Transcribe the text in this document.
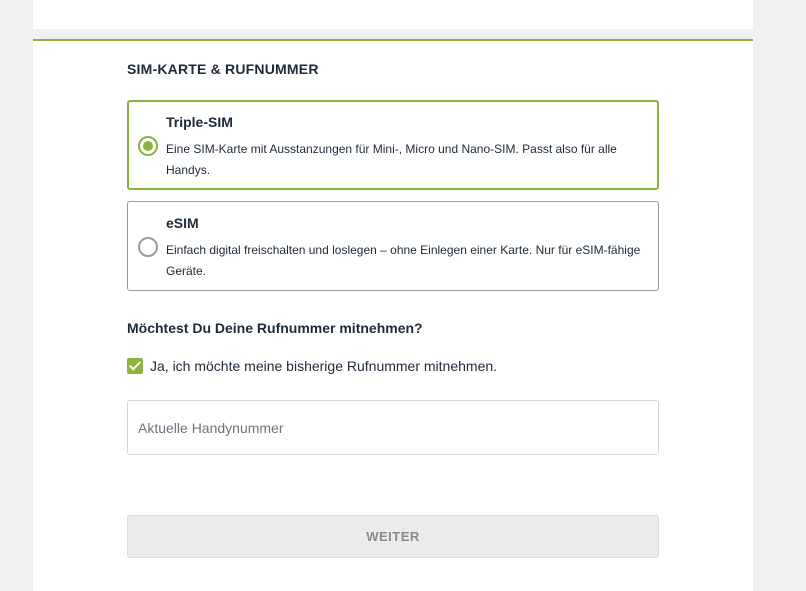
SIM-KARTE & RUFNUMMER
Triple-SIM
Eine SIM-Karte mit Ausstanzungen für Mini-, Micro und Nano-SIM. Passt also für alle Handys.
eSIM
Einfach digital freischalten und loslegen – ohne Einlegen einer Karte. Nur für eSIM-fähige Geräte.
Möchtest Du Deine Rufnummer mitnehmen?
Ja, ich möchte meine bisherige Rufnummer mitnehmen.
Aktuelle Handynummer
WEITER
